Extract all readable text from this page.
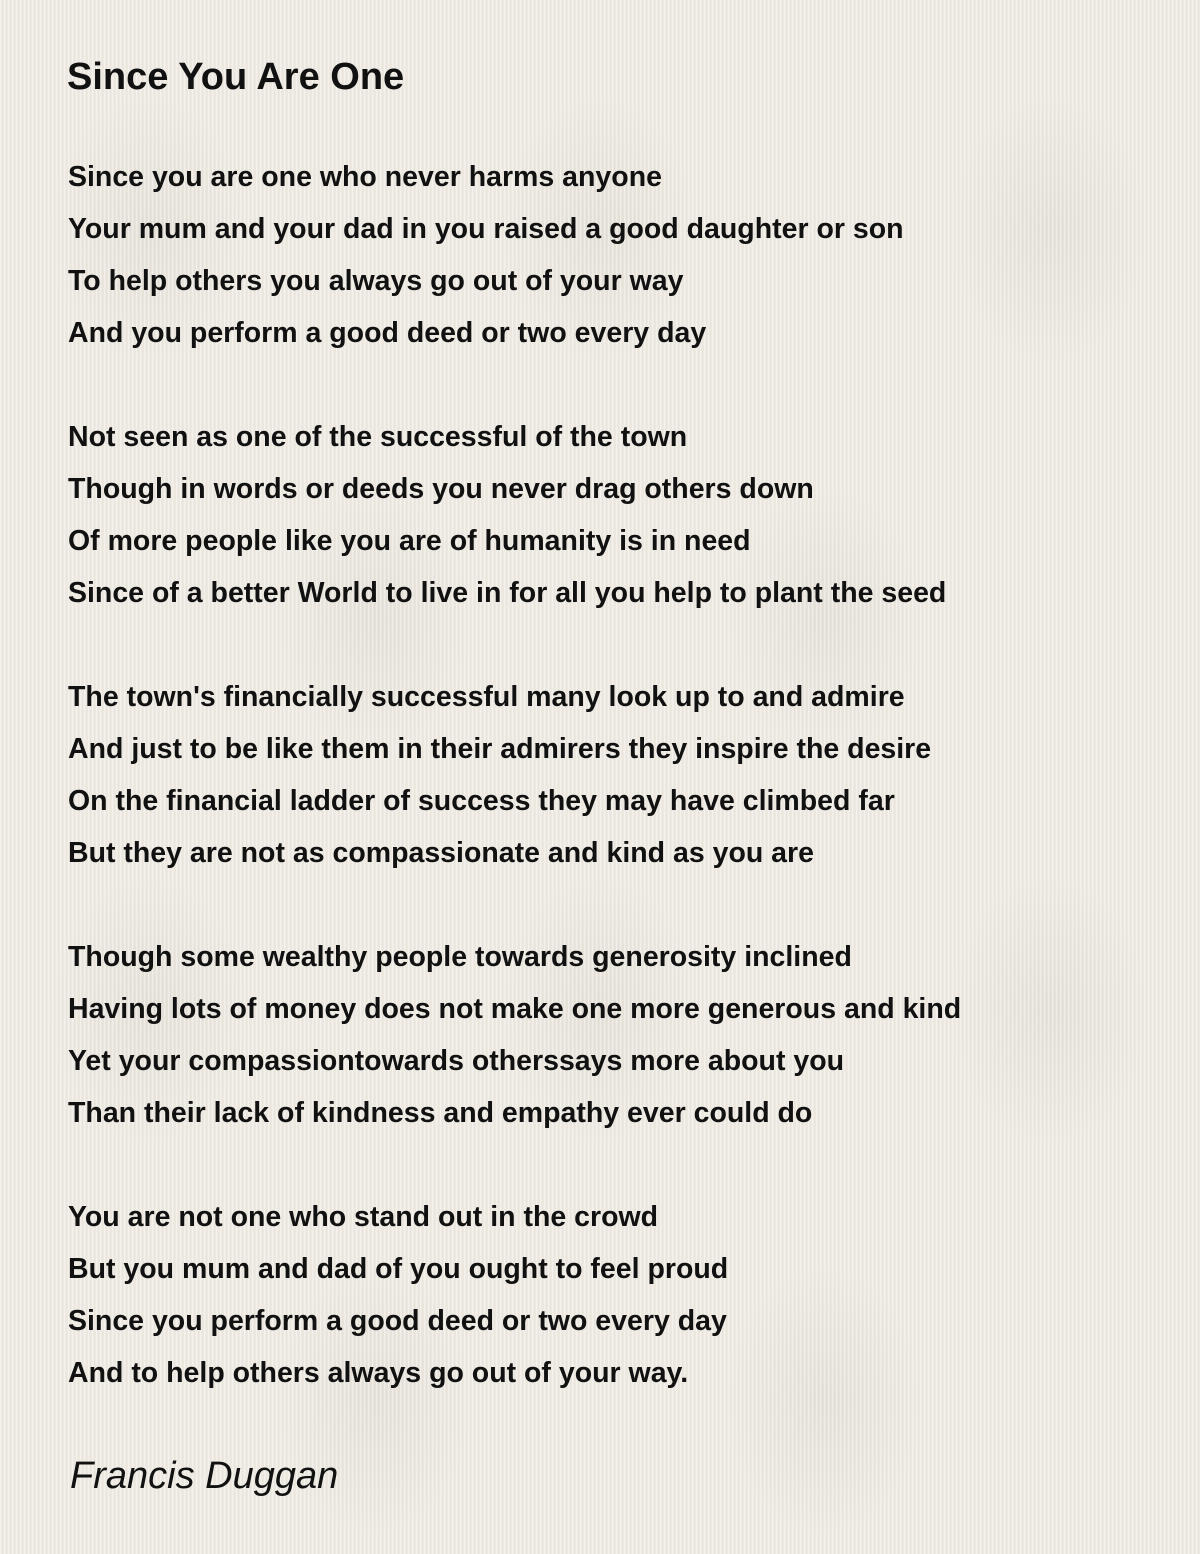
Since You Are One
Since you are one who never harms anyone
Your mum and your dad in you raised a good daughter or son
To help others you always go out of your way
And you perform a good deed or two every day
Not seen as one of the successful of the town
Though in words or deeds you never drag others down
Of more people like you are of humanity is in need
Since of a better World to live in for all you help to plant the seed
The town's financially successful many look up to and admire
And just to be like them in their admirers they inspire the desire
On the financial ladder of success they may have climbed far
But they are not as compassionate and kind as you are
Though some wealthy people towards generosity inclined
Having lots of money does not make one more generous and kind
Yet your compassiontowards otherssays more about you
Than their lack of kindness and empathy ever could do
You are not one who stand out in the crowd
But you mum and dad of you ought to feel proud
Since you perform a good deed or two every day
And to help others always go out of your way.

Francis Duggan
